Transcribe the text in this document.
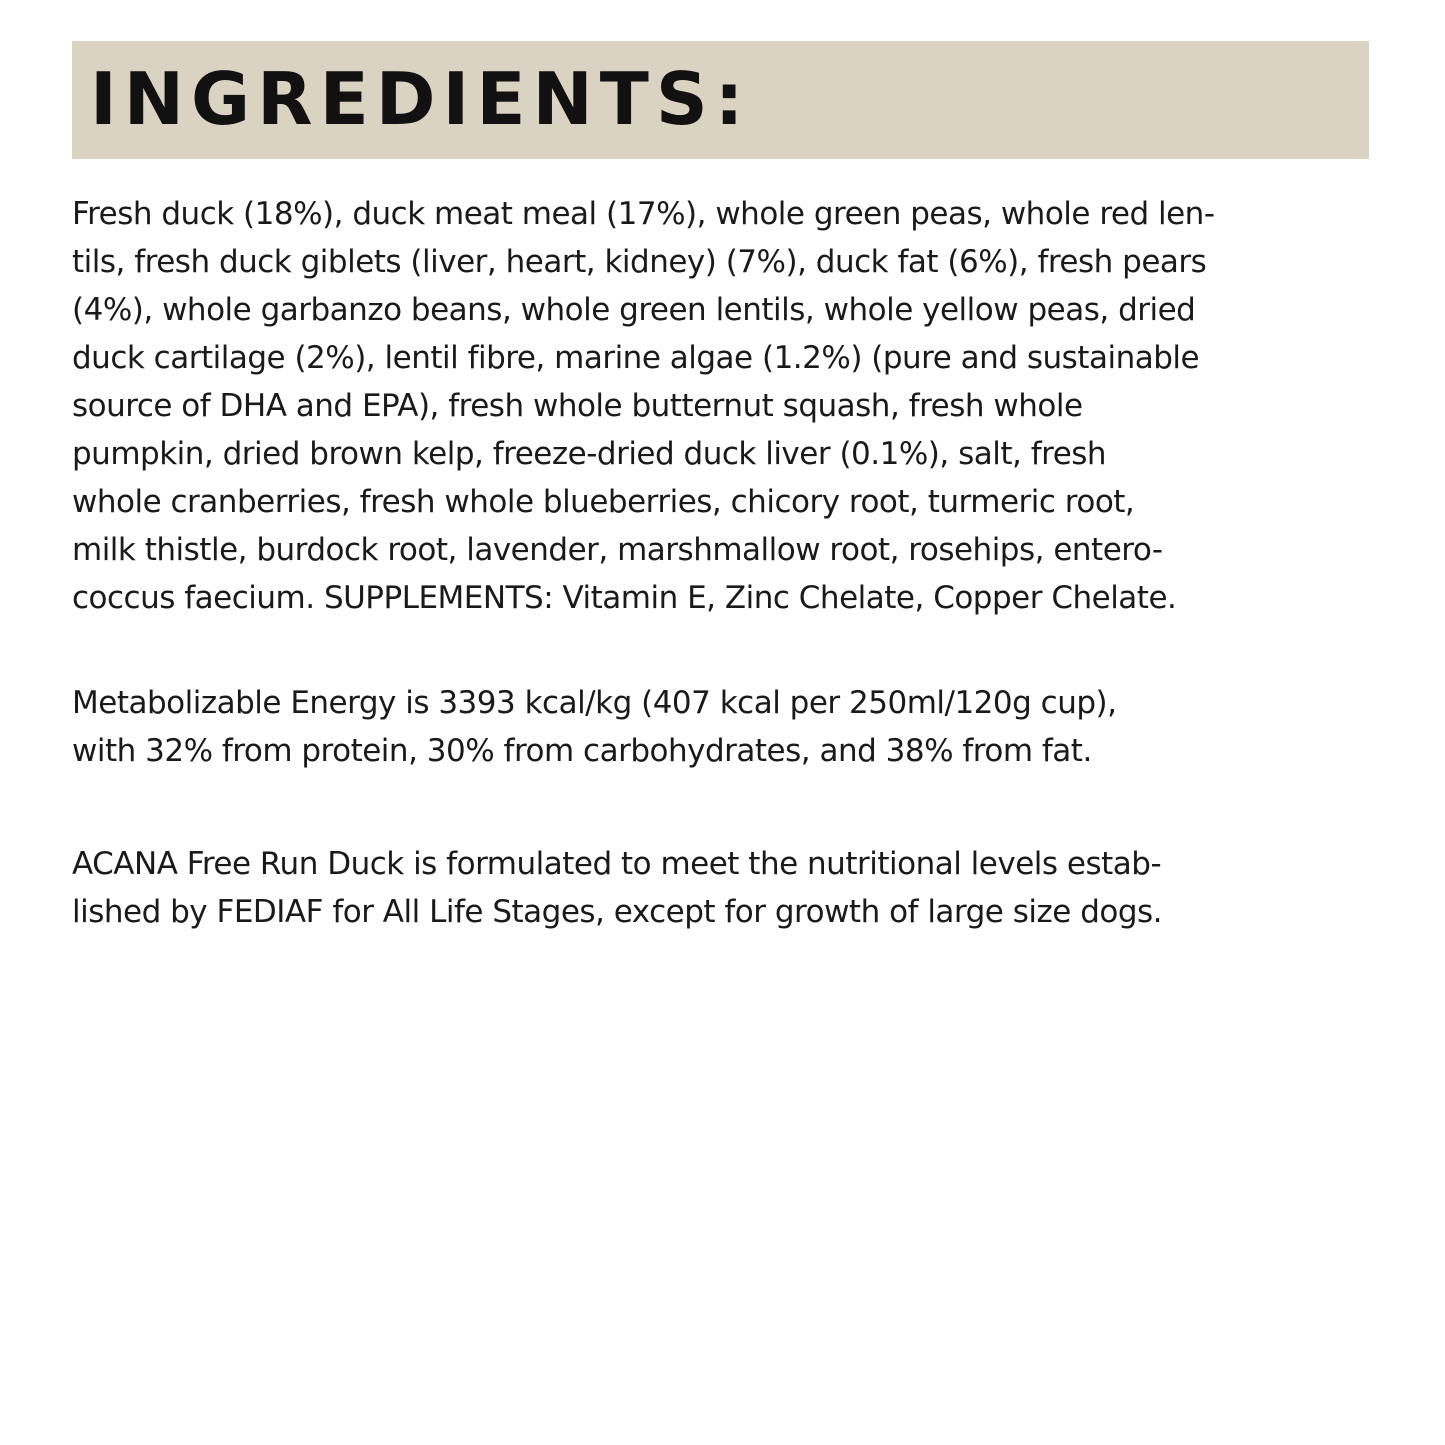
INGREDIENTS:

Fresh duck (18%), duck meat meal (17%), whole green peas, whole red len-
tils, fresh duck giblets (liver, heart, kidney) (7%), duck fat (6%), fresh pears
(4%), whole garbanzo beans, whole green lentils, whole yellow peas, dried
duck cartilage (2%), lentil fibre, marine algae (1.2%) (pure and sustainable
source of DHA and EPA), fresh whole butternut squash, fresh whole
pumpkin, dried brown kelp, freeze-dried duck liver (0.1%), salt, fresh
whole cranberries, fresh whole blueberries, chicory root, turmeric root,
milk thistle, burdock root, lavender, marshmallow root, rosehips, entero-
coccus faecium. SUPPLEMENTS: Vitamin E, Zinc Chelate, Copper Chelate.

Metabolizable Energy is 3393 kcal/kg (407 kcal per 250ml/120g cup),
with 32% from protein, 30% from carbohydrates, and 38% from fat.

ACANA Free Run Duck is formulated to meet the nutritional levels estab-
lished by FEDIAF for All Life Stages, except for growth of large size dogs.
